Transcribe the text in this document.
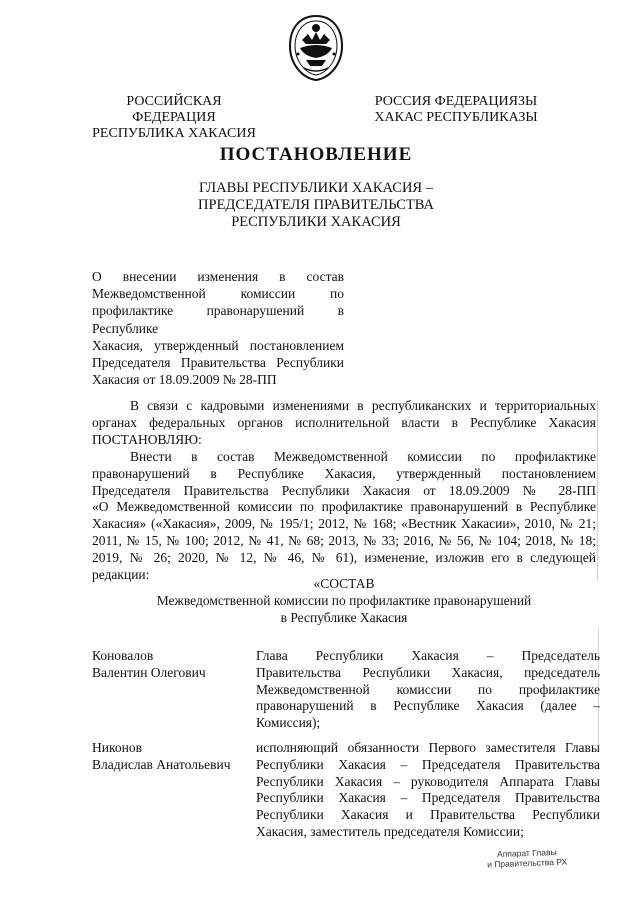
РОССИЙСКАЯ ФЕДЕРАЦИЯ
РЕСПУБЛИКА ХАКАСИЯ
РОССИЯ ФЕДЕРАЦИЯЗЫ
ХАКАС РЕСПУБЛИКАЗЫ
ПОСТАНОВЛЕНИЕ
ГЛАВЫ РЕСПУБЛИКИ ХАКАСИЯ –
ПРЕДСЕДАТЕЛЯ ПРАВИТЕЛЬСТВА
РЕСПУБЛИКИ ХАКАСИЯ
О внесении изменения в состав
Межведомственной комиссии по
профилактике правонарушений в Республике
Хакасия, утвержденный постановлением
Председателя Правительства Республики
Хакасия от 18.09.2009 № 28-ПП
В связи с кадровыми изменениями в республиканских и территориальных
органах федеральных органов исполнительной власти в Республике Хакасия
ПОСТАНОВЛЯЮ:
Внести в состав Межведомственной комиссии по профилактике
правонарушений в Республике Хакасия, утвержденный постановлением
Председателя Правительства Республики Хакасия от 18.09.2009 № 28-ПП
«О Межведомственной комиссии по профилактике правонарушений в Республике
Хакасия» («Хакасия», 2009, № 195/1; 2012, № 168; «Вестник Хакасии», 2010, № 21;
2011, № 15, № 100; 2012, № 41, № 68; 2013, № 33; 2016, № 56, № 104; 2018, № 18;
2019, № 26; 2020, № 12, № 46, № 61), изменение, изложив его в следующей
редакции:
«СОСТАВ
Межведомственной комиссии по профилактике правонарушений
в Республике Хакасия
Коновалов
Валентин Олегович
Глава Республики Хакасия – Председатель
Правительства Республики Хакасия, председатель
Межведомственной комиссии по профилактике
правонарушений в Республике Хакасия (далее –
Комиссия);
Никонов
Владислав Анатольевич
исполняющий обязанности Первого заместителя Главы
Республики Хакасия – Председателя Правительства
Республики Хакасия – руководителя Аппарата Главы
Республики Хакасия – Председателя Правительства
Республики Хакасия и Правительства Республики
Хакасия, заместитель председателя Комиссии;
Аппарат Главы
и Правительства РХ
